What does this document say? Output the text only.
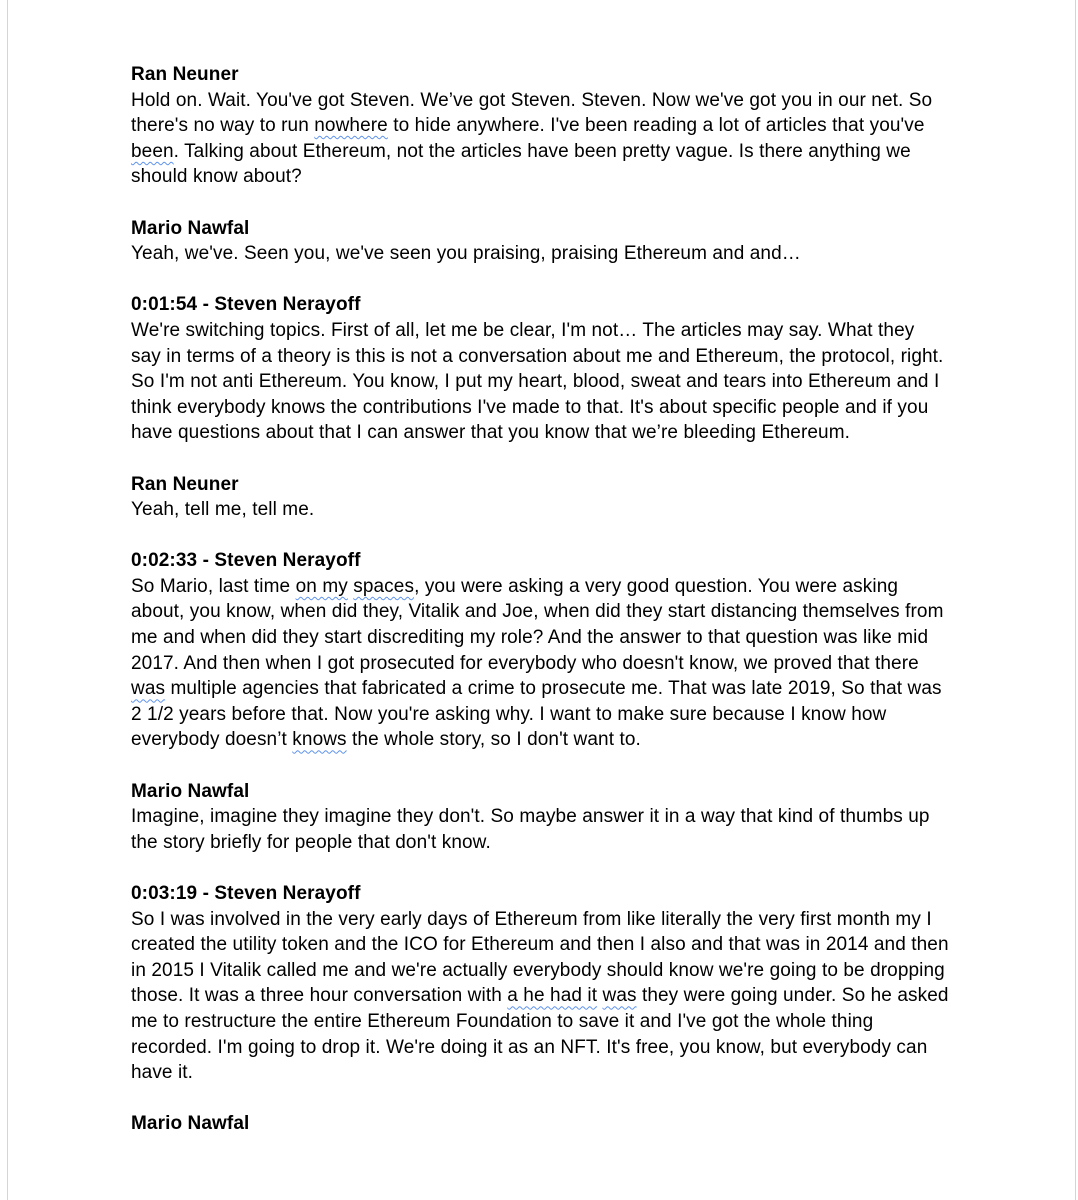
Ran Neuner

Hold on. Wait. You've got Steven. We’ve got Steven. Steven. Now we've got you in our net. So there's no way to run nowhere to hide anywhere. I've been reading a lot of articles that you've been. Talking about Ethereum, not the articles have been pretty vague. Is there anything we should know about?

Mario Nawfal

Yeah, we've. Seen you, we've seen you praising, praising Ethereum and and…

0:01:54 - Steven Nerayoff

We're switching topics. First of all, let me be clear, I'm not… The articles may say. What they say in terms of a theory is this is not a conversation about me and Ethereum, the protocol, right. So I'm not anti Ethereum. You know, I put my heart, blood, sweat and tears into Ethereum and I think everybody knows the contributions I've made to that. It's about specific people and if you have questions about that I can answer that you know that we’re bleeding Ethereum.

Ran Neuner

Yeah, tell me, tell me.

0:02:33 - Steven Nerayoff

So Mario, last time on my spaces, you were asking a very good question. You were asking about, you know, when did they, Vitalik and Joe, when did they start distancing themselves from me and when did they start discrediting my role? And the answer to that question was like mid 2017. And then when I got prosecuted for everybody who doesn't know, we proved that there was multiple agencies that fabricated a crime to prosecute me. That was late 2019, So that was 2 1/2 years before that. Now you're asking why. I want to make sure because I know how everybody doesn’t knows the whole story, so I don't want to.

Mario Nawfal

Imagine, imagine they imagine they don't. So maybe answer it in a way that kind of thumbs up the story briefly for people that don't know.

0:03:19 - Steven Nerayoff

So I was involved in the very early days of Ethereum from like literally the very first month my I created the utility token and the ICO for Ethereum and then I also and that was in 2014 and then in 2015 I Vitalik called me and we're actually everybody should know we're going to be dropping those. It was a three hour conversation with a he had it was they were going under. So he asked me to restructure the entire Ethereum Foundation to save it and I've got the whole thing recorded. I'm going to drop it. We're doing it as an NFT. It's free, you know, but everybody can have it.

Mario Nawfal
